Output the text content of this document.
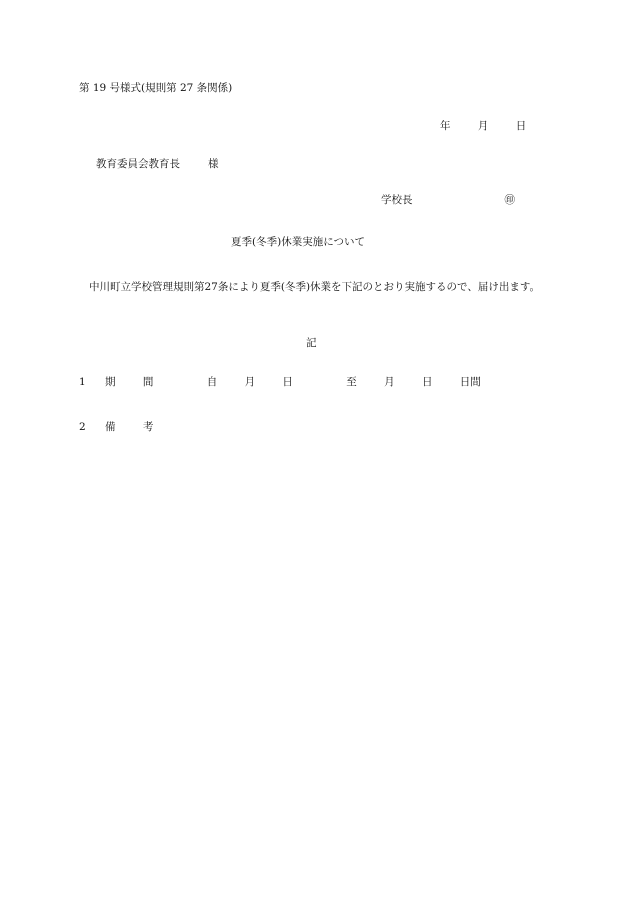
第 19 号様式(規則第 27 条関係)
年	月	日
教育委員会教育長	様
学校長	㊞
夏季(冬季)休業実施について
中川町立学校管理規則第27条により夏季(冬季)休業を下記のとおり実施するので、届け出ます。
記
1 期	間	自	月	日	至	月	日	日間
2 備	考
